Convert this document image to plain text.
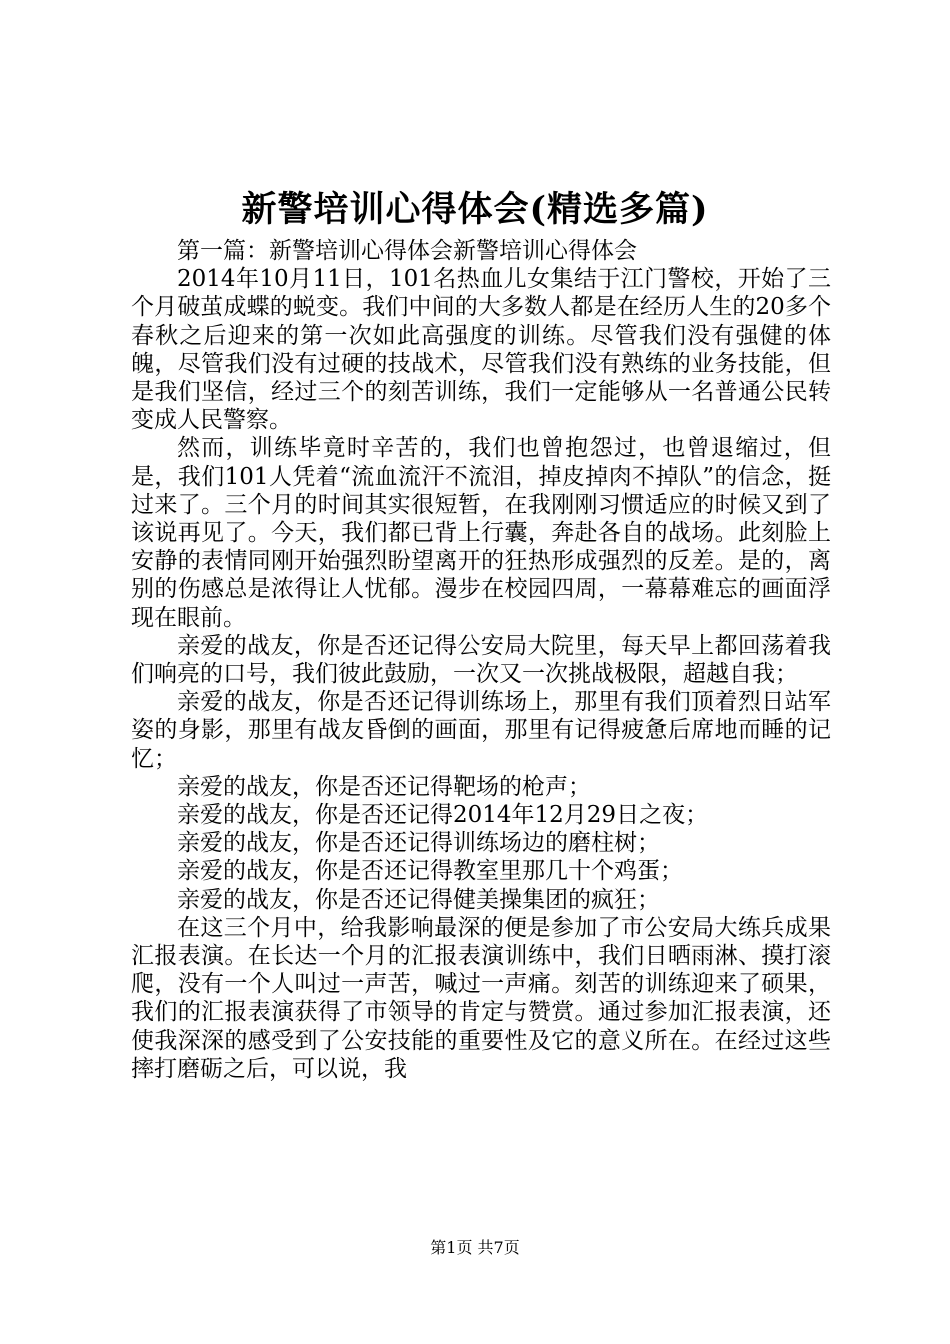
新警培训心得体会(精选多篇)

第一篇：新警培训心得体会新警培训心得体会

2014年10月11日，101名热血儿女集结于江门警校，开始了三个月破茧成蝶的蜕变。我们中间的大多数人都是在经历人生的20多个春秋之后迎来的第一次如此高强度的训练。尽管我们没有强健的体魄，尽管我们没有过硬的技战术，尽管我们没有熟练的业务技能，但是我们坚信，经过三个的刻苦训练，我们一定能够从一名普通公民转变成人民警察。

然而，训练毕竟时辛苦的，我们也曾抱怨过，也曾退缩过，但是，我们101人凭着“流血流汗不流泪，掉皮掉肉不掉队”的信念，挺过来了。三个月的时间其实很短暂，在我刚刚习惯适应的时候又到了该说再见了。今天，我们都已背上行囊，奔赴各自的战场。此刻脸上安静的表情同刚开始强烈盼望离开的狂热形成强烈的反差。是的，离别的伤感总是浓得让人忧郁。漫步在校园四周，一幕幕难忘的画面浮现在眼前。

亲爱的战友，你是否还记得公安局大院里，每天早上都回荡着我们响亮的口号，我们彼此鼓励，一次又一次挑战极限，超越自我；

亲爱的战友，你是否还记得训练场上，那里有我们顶着烈日站军姿的身影，那里有战友昏倒的画面，那里有记得疲惫后席地而睡的记忆；

亲爱的战友，你是否还记得靶场的枪声；

亲爱的战友，你是否还记得2014年12月29日之夜；

亲爱的战友，你是否还记得训练场边的磨柱树；

亲爱的战友，你是否还记得教室里那几十个鸡蛋；

亲爱的战友，你是否还记得健美操集团的疯狂；

在这三个月中，给我影响最深的便是参加了市公安局大练兵成果汇报表演。在长达一个月的汇报表演训练中，我们日晒雨淋、摸打滚爬，没有一个人叫过一声苦，喊过一声痛。刻苦的训练迎来了硕果，我们的汇报表演获得了市领导的肯定与赞赏。通过参加汇报表演，还使我深深的感受到了公安技能的重要性及它的意义所在。在经过这些摔打磨砺之后，可以说，我

第1页 共7页
